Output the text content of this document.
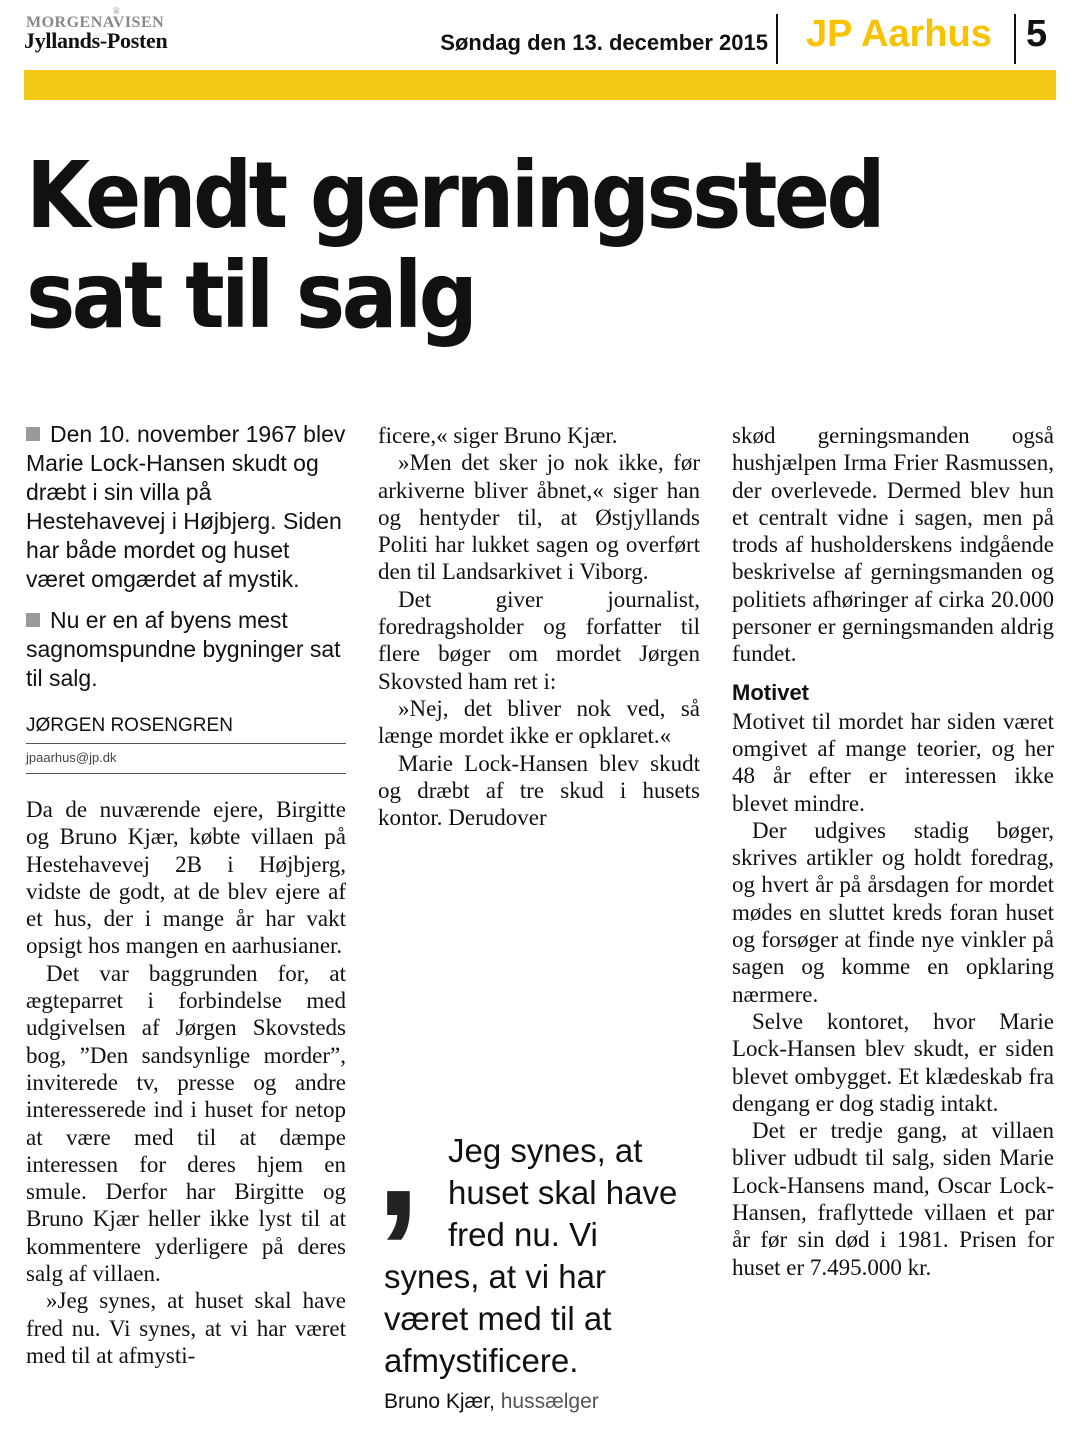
MORGENAVISEN
♕
Jyllands-Posten	Søndag den 13. december 2015 JP Aarhus 5
Kendt gerningssted
sat til salg

Den 10. november 1967 blev Marie Lock-Hansen skudt og dræbt i sin villa på Hestehavevej i Højbjerg. Siden har både mordet og huset været omgærdet af mystik.

Nu er en af byens mest sagnomspundne bygninger sat til salg.

JØRGEN ROSENGREN
jpaarhus@jp.dk

Da de nuværende ejere, Birgitte og Bruno Kjær, købte villaen på Hestehavevej 2B i Højbjerg, vidste de godt, at de blev ejere af et hus, der i mange år har vakt opsigt hos mangen en aarhusianer.

Det var baggrunden for, at ægteparret i forbindelse med udgivelsen af Jørgen Skovsteds bog, ”Den sandsynlige morder”, inviterede tv, presse og andre interesserede ind i huset for netop at være med til at dæmpe interessen for deres hjem en smule. Derfor har Birgitte og Bruno Kjær heller ikke lyst til at kommentere yderligere på deres salg af villaen.

»Jeg synes, at huset skal have fred nu. Vi synes, at vi har været med til at afmysti-

ficere,« siger Bruno Kjær.

»Men det sker jo nok ikke, før arkiverne bliver åbnet,« siger han og hentyder til, at Østjyllands Politi har lukket sagen og overført den til Landsarkivet i Viborg.

Det giver journalist, foredragsholder og forfatter til flere bøger om mordet Jørgen Skovsted ham ret i:

»Nej, det bliver nok ved, så længe mordet ikke er opklaret.«

Marie Lock-Hansen blev skudt og dræbt af tre skud i husets kontor. Derudover

, Jeg synes, at
huset skal have
fred nu. Vi
synes, at vi har
været med til at
afmystificere.
Bruno Kjær, hussælger

skød gerningsmanden også hushjælpen Irma Frier Rasmussen, der overlevede. Dermed blev hun et centralt vidne i sagen, men på trods af husholderskens indgående beskrivelse af gerningsmanden og politiets afhøringer af cirka 20.000 personer er gerningsmanden aldrig fundet.

Motivet

Motivet til mordet har siden været omgivet af mange teorier, og her 48 år efter er interessen ikke blevet mindre.

Der udgives stadig bøger, skrives artikler og holdt foredrag, og hvert år på årsdagen for mordet mødes en sluttet kreds foran huset og forsøger at finde nye vinkler på sagen og komme en opklaring nærmere.

Selve kontoret, hvor Marie Lock-Hansen blev skudt, er siden blevet ombygget. Et klædeskab fra dengang er dog stadig intakt.

Det er tredje gang, at villaen bliver udbudt til salg, siden Marie Lock-Hansens mand, Oscar Lock-Hansen, fraflyttede villaen et par år før sin død i 1981. Prisen for huset er 7.495.000 kr.
